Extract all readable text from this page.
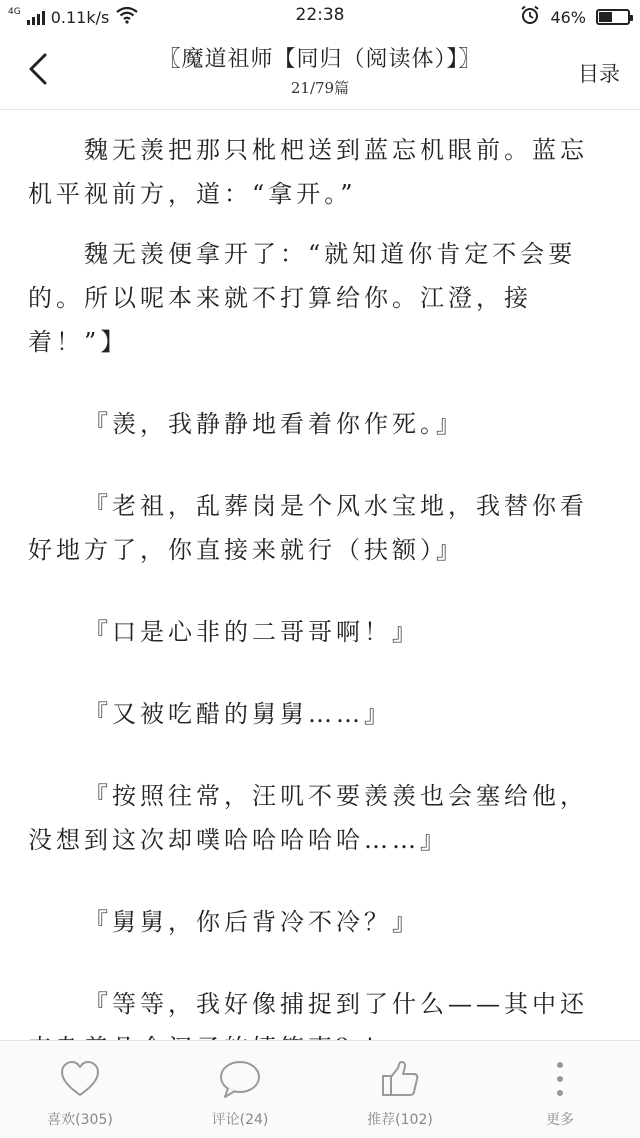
4G 0.11k/s	22:38	46%
〖魔道祖师【同归（阅读体）】〗
21/79篇
目录

魏无羡把那只枇杷送到蓝忘机眼前。蓝忘机平视前方，道：“拿开。”

魏无羡便拿开了：“就知道你肯定不会要的。所以呢本来就不打算给你。江澄，接着！”】

『羡，我静静地看着你作死。』

『老祖，乱葬岗是个风水宝地，我替你看好地方了，你直接来就行（扶额）』

『口是心非的二哥哥啊！』

『又被吃醋的舅舅……』

『按照往常，汪叽不要羡羡也会塞给他，没想到这次却噗哈哈哈哈哈……』

『舅舅，你后背冷不冷？』

『等等，我好像捕捉到了什么——其中还

喜欢(305)	评论(24)	推荐(102)	更多
